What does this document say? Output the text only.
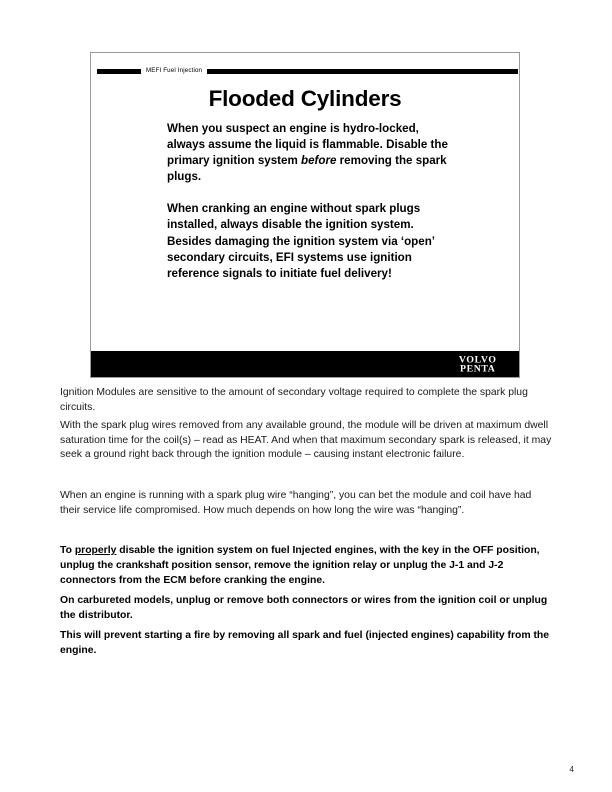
MEFI Fuel Injection
Flooded Cylinders

When you suspect an engine is hydro-locked, always assume the liquid is flammable. Disable the primary ignition system before removing the spark plugs.

When cranking an engine without spark plugs installed, always disable the ignition system. Besides damaging the ignition system via ‘open’ secondary circuits, EFI systems use ignition reference signals to initiate fuel delivery!

VOLVO
PENTA

Ignition Modules are sensitive to the amount of secondary voltage required to complete the spark plug circuits.

With the spark plug wires removed from any available ground, the module will be driven at maximum dwell saturation time for the coil(s) – read as HEAT. And when that maximum secondary spark is released, it may seek a ground right back through the ignition module – causing instant electronic failure.

When an engine is running with a spark plug wire “hanging”, you can bet the module and coil have had their service life compromised. How much depends on how long the wire was “hanging”.

To properly disable the ignition system on fuel Injected engines, with the key in the OFF position, unplug the crankshaft position sensor, remove the ignition relay or unplug the J-1 and J-2 connectors from the ECM before cranking the engine.

On carbureted models, unplug or remove both connectors or wires from the ignition coil or unplug the distributor.

This will prevent starting a fire by removing all spark and fuel (injected engines) capability from the engine.

4
